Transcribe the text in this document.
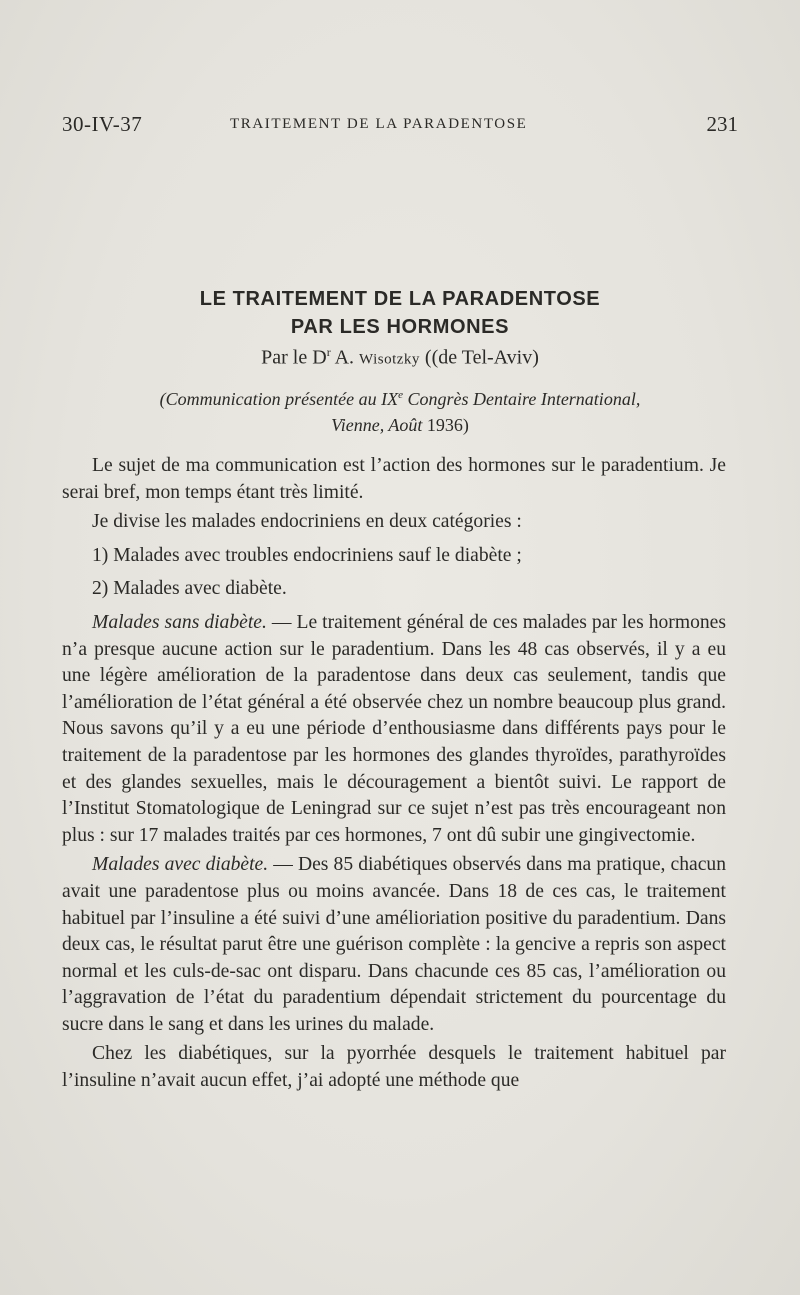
30-IV-37	TRAITEMENT DE LA PARADENTOSE	231
LE TRAITEMENT DE LA PARADENTOSE
PAR LES HORMONES
Par le $D^r$ A. Wisotzky ((de Tel-Aviv)
(Communication présentée au IXe Congrès Dentaire International,
Vienne, Août 1936)

Le sujet de ma communication est l’action des hormones sur le paradentium. Je serai bref, mon temps étant très limité.

Je divise les malades endocriniens en deux catégories :

1) Malades avec troubles endocriniens sauf le diabète ;

2) Malades avec diabète.

Malades sans diabète. — Le traitement général de ces malades par les hormones n’a presque aucune action sur le paradentium. Dans les 48 cas observés, il y a eu une légère amélioration de la paradentose dans deux cas seulement, tandis que l’amélioration de l’état général a été observée chez un nombre beaucoup plus grand. Nous savons qu’il y a eu une période d’enthousiasme dans différents pays pour le traitement de la paradentose par les hormones des glandes thyroïdes, parathyroïdes et des glandes sexuelles, mais le découragement a bientôt suivi. Le rapport de l’Institut Stomatologique de Leningrad sur ce sujet n’est pas très encourageant non plus : sur 17 malades traités par ces hormones, 7 ont dû subir une gingivectomie.

Malades avec diabète. — Des 85 diabétiques observés dans ma pratique, chacun avait une paradentose plus ou moins avancée. Dans 18 de ces cas, le traitement habituel par l’insuline a été suivi d’une amélioriation positive du paradentium. Dans deux cas, le résultat parut être une guérison complète : la gencive a repris son aspect normal et les culs-de-sac ont disparu. Dans chacunde ces 85 cas, l’amélioration ou l’aggravation de l’état du paradentium dépendait strictement du pourcentage du sucre dans le sang et dans les urines du malade.

Chez les diabétiques, sur la pyorrhée desquels le traitement habituel par l’insuline n’avait aucun effet, j’ai adopté une méthode que
